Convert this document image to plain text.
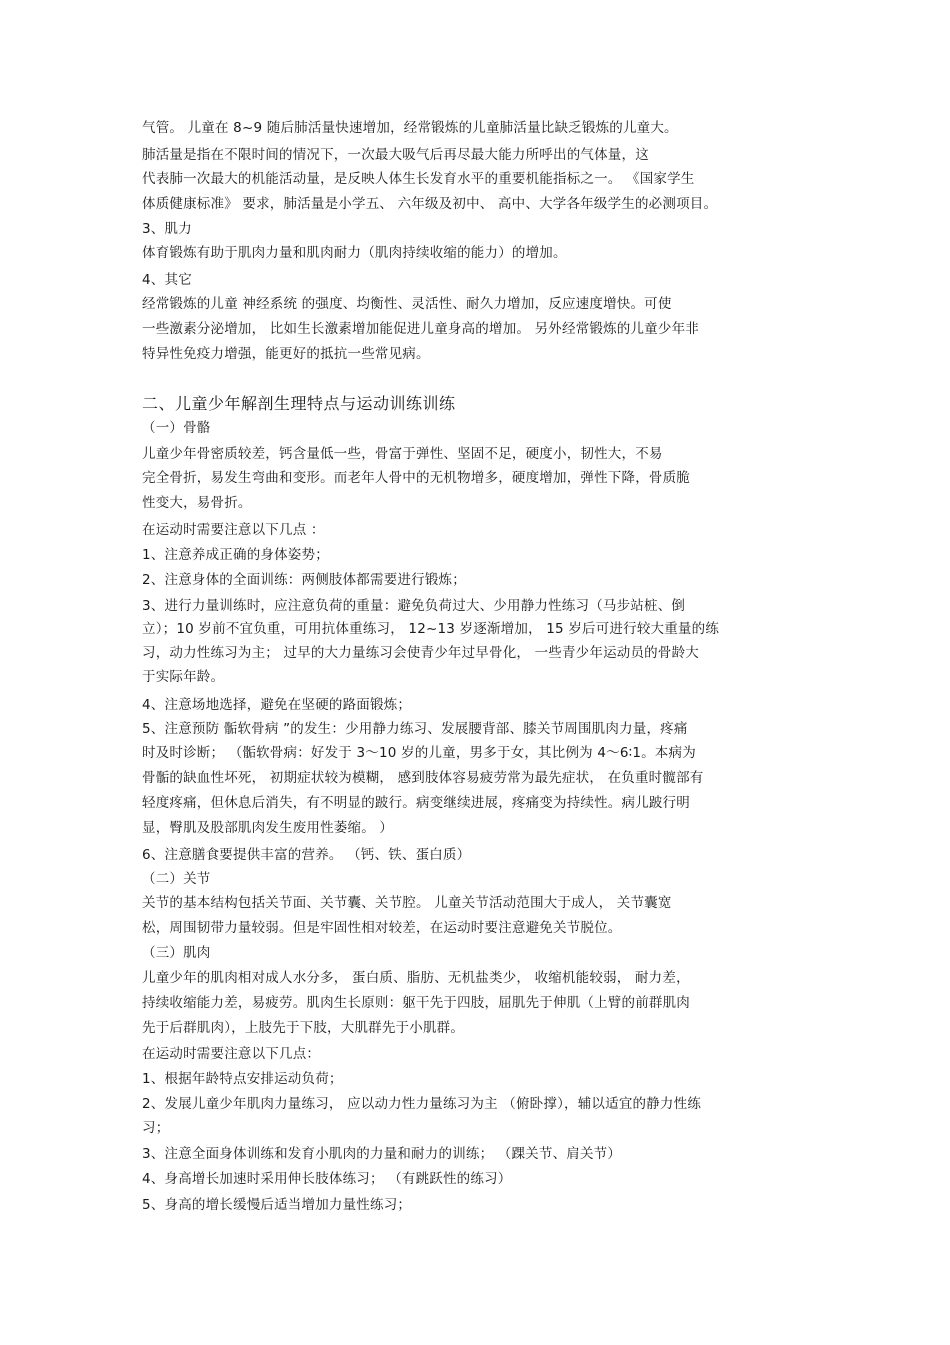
气管。 儿童在 8~9 随后肺活量快速增加，经常锻炼的儿童肺活量比缺乏锻炼的儿童大。
肺活量是指在不限时间的情况下，一次最大吸气后再尽最大能力所呼出的气体量，这
代表肺一次最大的机能活动量，是反映人体生长发育水平的重要机能指标之一。 《国家学生
体质健康标准》 要求，肺活量是小学五、 六年级及初中、 高中、大学各年级学生的必测项目。
3、肌力
体育锻炼有助于肌肉力量和肌肉耐力（肌肉持续收缩的能力）的增加。
4、其它
经常锻炼的儿童 神经系统 的强度、均衡性、灵活性、耐久力增加，反应速度增快。可使
一些激素分泌增加， 比如生长激素增加能促进儿童身高的增加。 另外经常锻炼的儿童少年非
特异性免疫力增强，能更好的抵抗一些常见病。
二、儿童少年解剖生理特点与运动训练训练
（一）骨骼
儿童少年骨密质较差，钙含量低一些，骨富于弹性、坚固不足，硬度小，韧性大，不易
完全骨折，易发生弯曲和变形。而老年人骨中的无机物增多，硬度增加，弹性下降，骨质脆
性变大，易骨折。
在运动时需要注意以下几点 ：
1、注意养成正确的身体姿势；
2、注意身体的全面训练：两侧肢体都需要进行锻炼；
3、进行力量训练时，应注意负荷的重量：避免负荷过大、少用静力性练习（马步站桩、倒
立）；10 岁前不宜负重，可用抗体重练习， 12~13 岁逐渐增加， 15 岁后可进行较大重量的练
习，动力性练习为主； 过早的大力量练习会使青少年过早骨化， 一些青少年运动员的骨龄大
于实际年龄。
4、注意场地选择，避免在坚硬的路面锻炼；
5、注意预防 骺软骨病 ”的发生：少用静力练习、发展腰背部、膝关节周围肌肉力量，疼痛
时及时诊断； （骺软骨病：好发于 3～10 岁的儿童，男多于女，其比例为 4～6∶1。本病为
骨骺的缺血性坏死， 初期症状较为模糊， 感到肢体容易疲劳常为最先症状， 在负重时髋部有
轻度疼痛，但休息后消失，有不明显的跛行。病变继续进展，疼痛变为持续性。病儿跛行明
显，臀肌及股部肌肉发生废用性萎缩。 ）
6、注意膳食要提供丰富的营养。 （钙、铁、蛋白质）
（二）关节
关节的基本结构包括关节面、关节囊、关节腔。 儿童关节活动范围大于成人， 关节囊宽
松，周围韧带力量较弱。但是牢固性相对较差，在运动时要注意避免关节脱位。
（三）肌肉
儿童少年的肌肉相对成人水分多， 蛋白质、脂肪、无机盐类少， 收缩机能较弱， 耐力差，
持续收缩能力差，易疲劳。肌肉生长原则：躯干先于四肢，屈肌先于伸肌（上臂的前群肌肉
先于后群肌肉），上肢先于下肢，大肌群先于小肌群。
在运动时需要注意以下几点：
1、根据年龄特点安排运动负荷；
2、发展儿童少年肌肉力量练习， 应以动力性力量练习为主 （俯卧撑），辅以适宜的静力性练
习；
3、注意全面身体训练和发育小肌肉的力量和耐力的训练； （踝关节、肩关节）
4、身高增长加速时采用伸长肢体练习； （有跳跃性的练习）
5、身高的增长缓慢后适当增加力量性练习；
